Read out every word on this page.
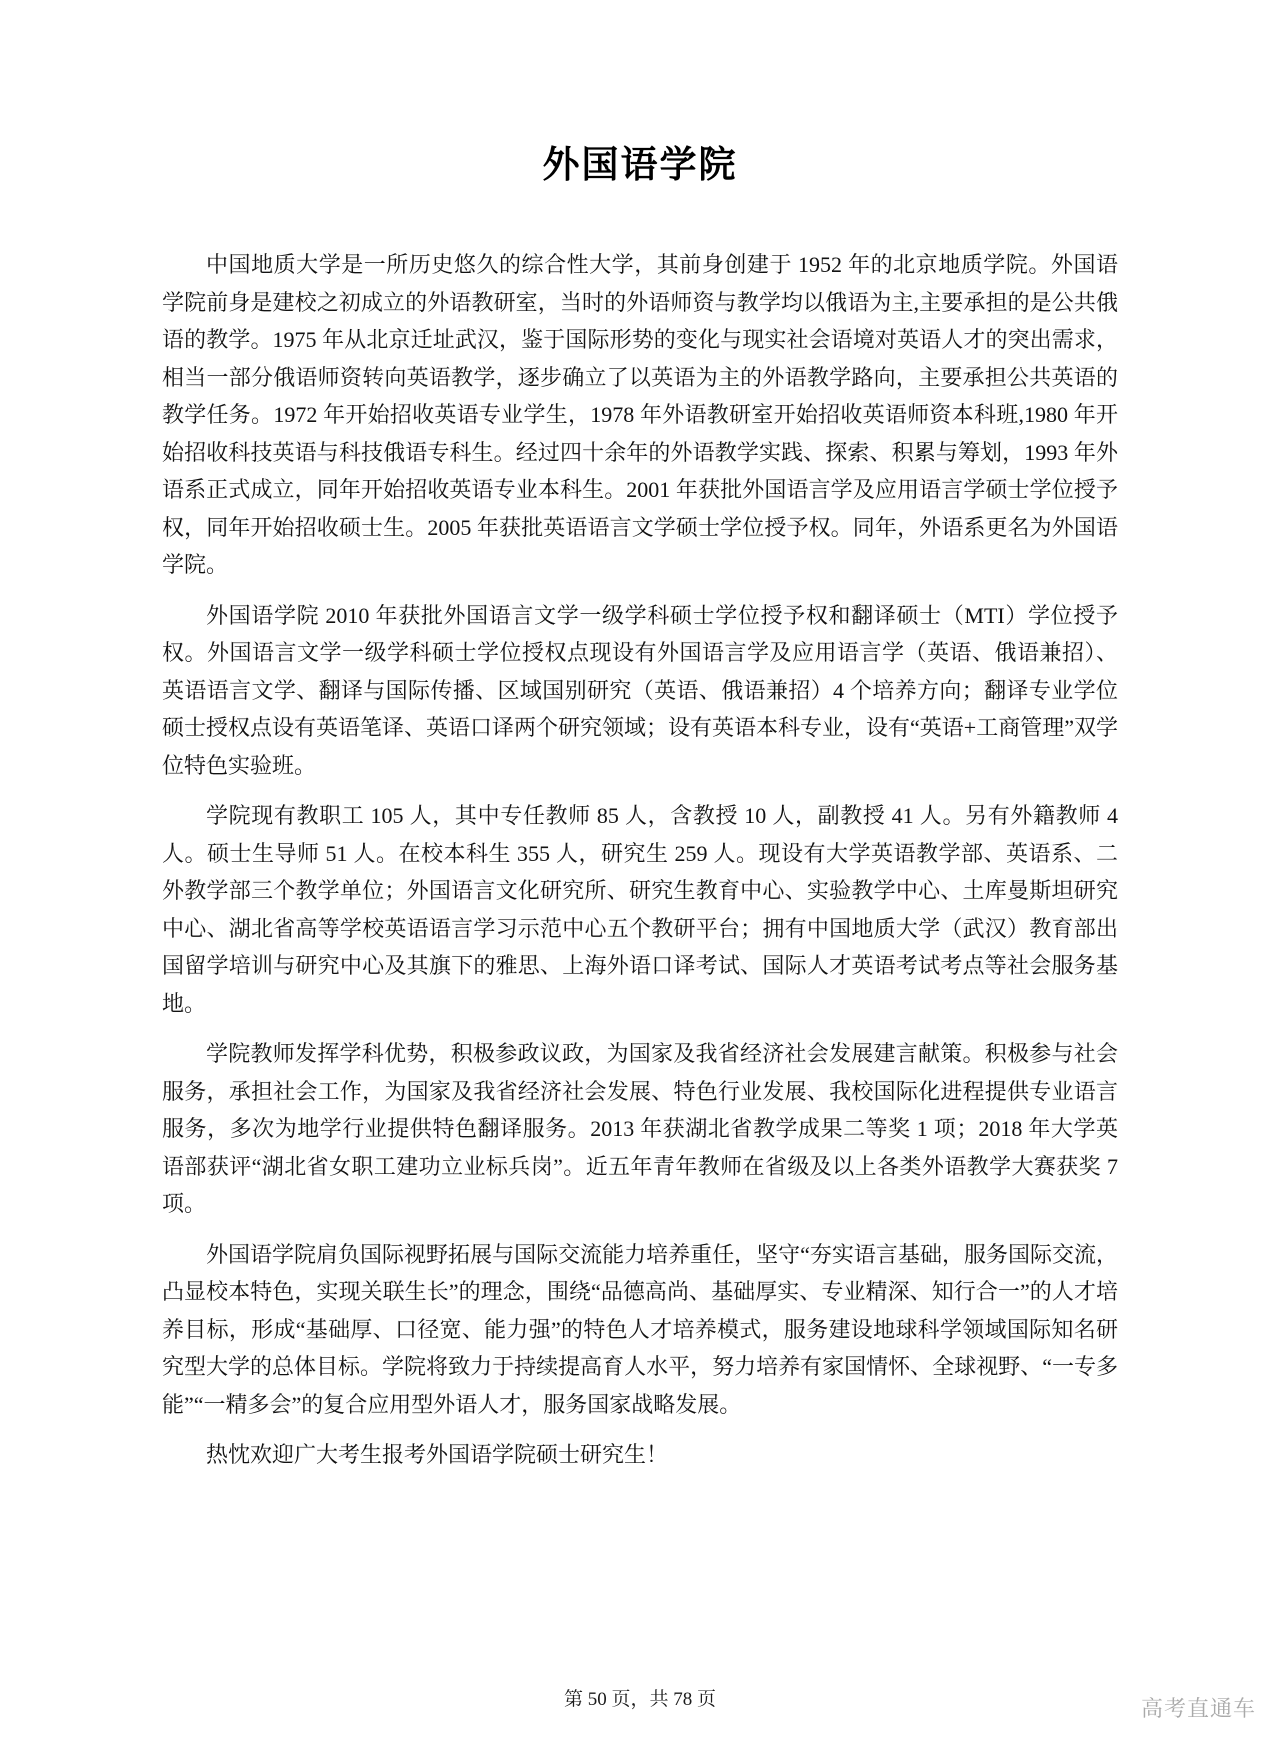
外国语学院

中国地质大学是一所历史悠久的综合性大学，其前身创建于 1952 年的北京地质学院。外国语学院前身是建校之初成立的外语教研室，当时的外语师资与教学均以俄语为主,主要承担的是公共俄语的教学。1975 年从北京迁址武汉，鉴于国际形势的变化与现实社会语境对英语人才的突出需求，相当一部分俄语师资转向英语教学，逐步确立了以英语为主的外语教学路向，主要承担公共英语的教学任务。1972 年开始招收英语专业学生，1978 年外语教研室开始招收英语师资本科班,1980 年开始招收科技英语与科技俄语专科生。经过四十余年的外语教学实践、探索、积累与筹划，1993 年外语系正式成立，同年开始招收英语专业本科生。2001 年获批外国语言学及应用语言学硕士学位授予权，同年开始招收硕士生。2005 年获批英语语言文学硕士学位授予权。同年，外语系更名为外国语学院。

外国语学院 2010 年获批外国语言文学一级学科硕士学位授予权和翻译硕士（MTI）学位授予权。外国语言文学一级学科硕士学位授权点现设有外国语言学及应用语言学（英语、俄语兼招）、英语语言文学、翻译与国际传播、区域国别研究（英语、俄语兼招）4 个培养方向；翻译专业学位硕士授权点设有英语笔译、英语口译两个研究领域；设有英语本科专业，设有“英语+工商管理”双学位特色实验班。

学院现有教职工 105 人，其中专任教师 85 人，含教授 10 人，副教授 41 人。另有外籍教师 4 人。硕士生导师 51 人。在校本科生 355 人，研究生 259 人。现设有大学英语教学部、英语系、二外教学部三个教学单位；外国语言文化研究所、研究生教育中心、实验教学中心、土库曼斯坦研究中心、湖北省高等学校英语语言学习示范中心五个教研平台；拥有中国地质大学（武汉）教育部出国留学培训与研究中心及其旗下的雅思、上海外语口译考试、国际人才英语考试考点等社会服务基地。

学院教师发挥学科优势，积极参政议政，为国家及我省经济社会发展建言献策。积极参与社会服务，承担社会工作，为国家及我省经济社会发展、特色行业发展、我校国际化进程提供专业语言服务，多次为地学行业提供特色翻译服务。2013 年获湖北省教学成果二等奖 1 项；2018 年大学英语部获评“湖北省女职工建功立业标兵岗”。近五年青年教师在省级及以上各类外语教学大赛获奖 7 项。

外国语学院肩负国际视野拓展与国际交流能力培养重任，坚守“夯实语言基础，服务国际交流，凸显校本特色，实现关联生长”的理念，围绕“品德高尚、基础厚实、专业精深、知行合一”的人才培养目标，形成“基础厚、口径宽、能力强”的特色人才培养模式，服务建设地球科学领域国际知名研究型大学的总体目标。学院将致力于持续提高育人水平，努力培养有家国情怀、全球视野、“一专多能”“一精多会”的复合应用型外语人才，服务国家战略发展。

热忱欢迎广大考生报考外国语学院硕士研究生！

第 50 页，共 78 页	高考直通车
